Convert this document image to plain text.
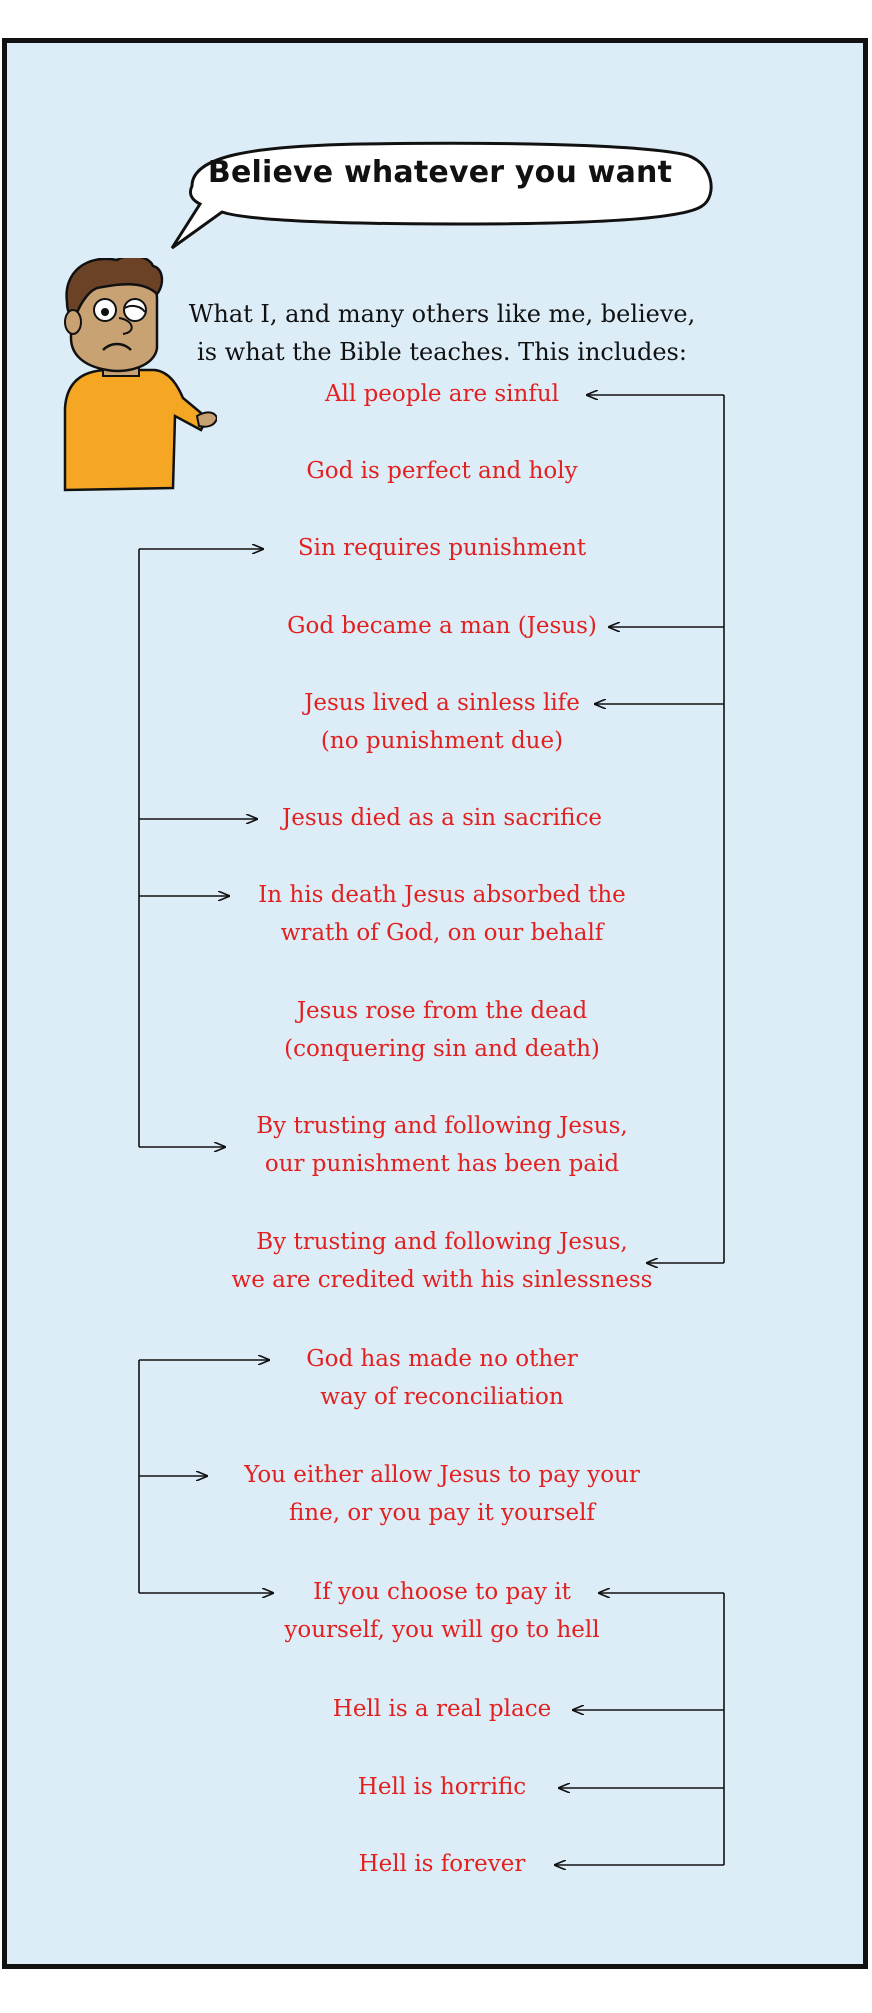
Believe whatever you want
What I, and many others like me, believe,
is what the Bible teaches. This includes:
All people are sinful
God is perfect and holy
Sin requires punishment
God became a man (Jesus)
Jesus lived a sinless life
(no punishment due)
Jesus died as a sin sacrifice
In his death Jesus absorbed the
wrath of God, on our behalf
Jesus rose from the dead
(conquering sin and death)
By trusting and following Jesus,
our punishment has been paid
By trusting and following Jesus,
we are credited with his sinlessness
God has made no other
way of reconciliation
You either allow Jesus to pay your
fine, or you pay it yourself
If you choose to pay it
yourself, you will go to hell
Hell is a real place
Hell is horrific
Hell is forever
